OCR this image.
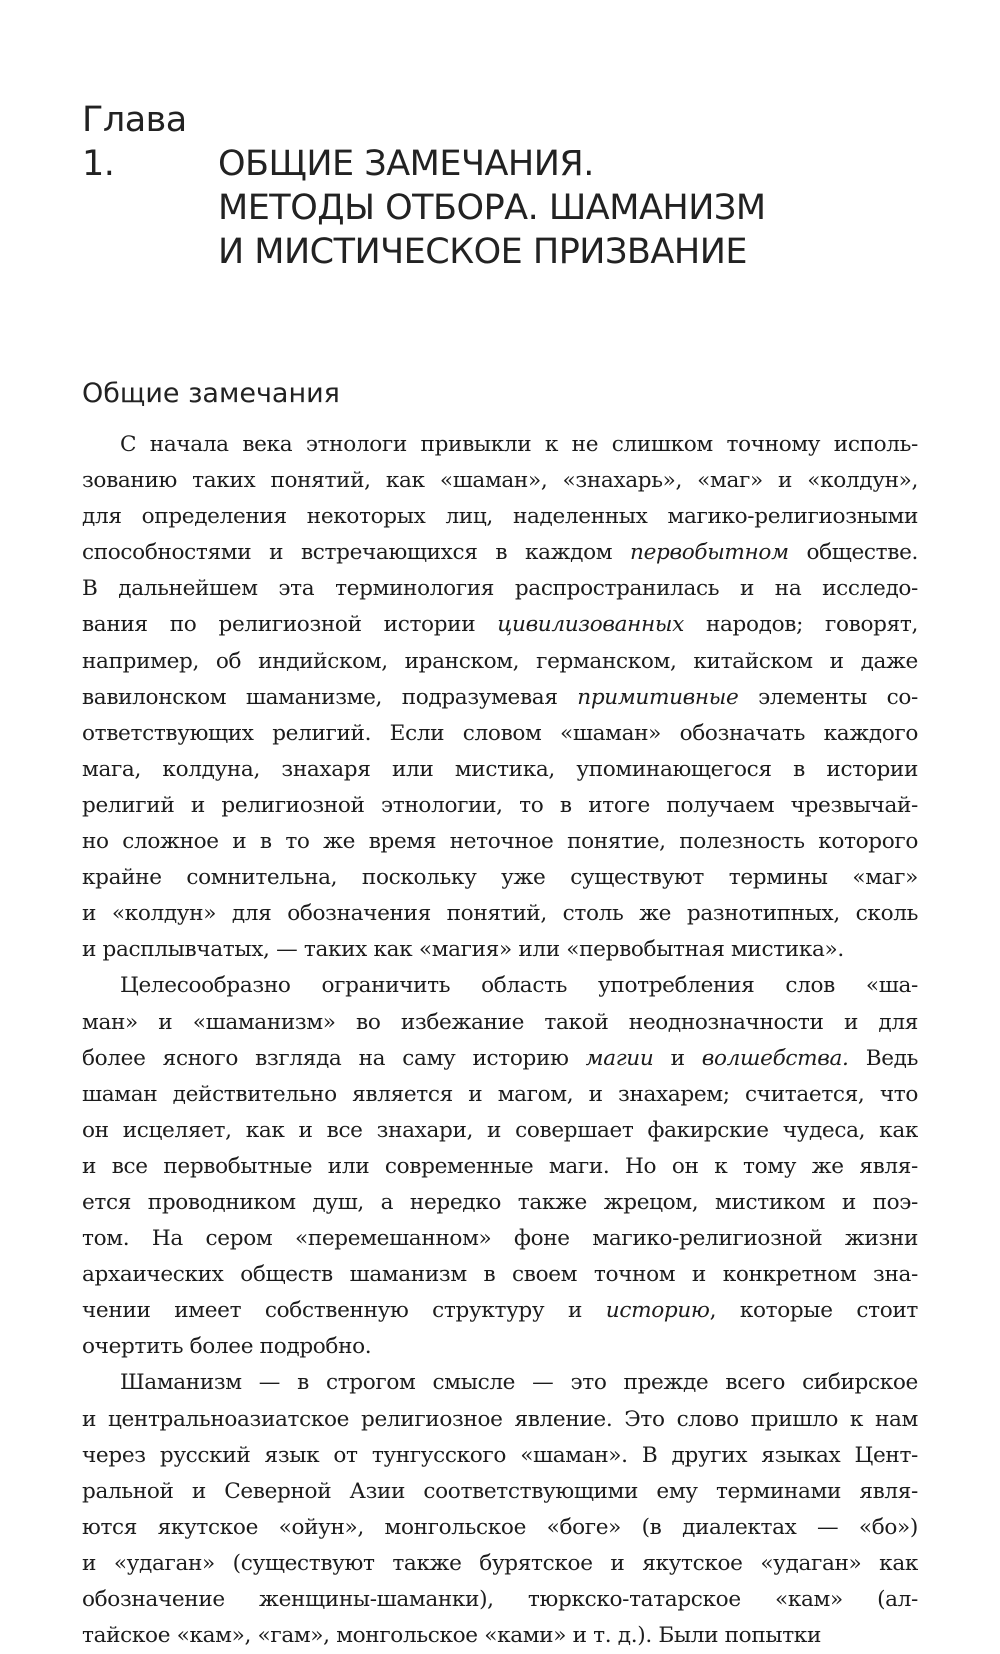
Глава 1.	ОБЩИЕ ЗАМЕЧАНИЯ.
МЕТОДЫ ОТБОРА. ШАМАНИЗМ
И МИСТИЧЕСКОЕ ПРИЗВАНИЕ
Общие замечания

С начала века этнологи привыкли к не слишком точному исполь-
зованию таких понятий, как «шаман», «знахарь», «маг» и «колдун»,
для определения некоторых лиц, наделенных магико-религиозными
способностями и встречающихся в каждом первобытном обществе.
В дальнейшем эта терминология распространилась и на исследо-
вания по религиозной истории цивилизованных народов; говорят,
например, об индийском, иранском, германском, китайском и даже
вавилонском шаманизме, подразумевая примитивные элементы со-
ответствующих религий. Если словом «шаман» обозначать каждого
мага, колдуна, знахаря или мистика, упоминающегося в истории
религий и религиозной этнологии, то в итоге получаем чрезвычай-
но сложное и в то же время неточное понятие, полезность которого
крайне сомнительна, поскольку уже существуют термины «маг»
и «колдун» для обозначения понятий, столь же разнотипных, сколь
и расплывчатых, — таких как «магия» или «первобытная мистика».

Целесообразно ограничить область употребления слов «ша-
ман» и «шаманизм» во избежание такой неоднозначности и для
более ясного взгляда на саму историю магии и волшебства. Ведь
шаман действительно является и магом, и знахарем; считается, что
он исцеляет, как и все знахари, и совершает факирские чудеса, как
и все первобытные или современные маги. Но он к тому же явля-
ется проводником душ, а нередко также жрецом, мистиком и поэ-
том. На сером «перемешанном» фоне магико-религиозной жизни
архаических обществ шаманизм в своем точном и конкретном зна-
чении имеет собственную структуру и историю, которые стоит
очертить более подробно.

Шаманизм — в строгом смысле — это прежде всего сибирское
и центральноазиатское религиозное явление. Это слово пришло к нам
через русский язык от тунгусского «шаман». В других языках Цент-
ральной и Северной Азии соответствующими ему терминами явля-
ются якутское «ойун», монгольское «боге» (в диалектах — «бо»)
и «удаган» (существуют также бурятское и якутское «удаган» как
обозначение женщины-шаманки), тюркско-татарское «кам» (ал-
тайское «кам», «гам», монгольское «ками» и т. д.). Были попытки
